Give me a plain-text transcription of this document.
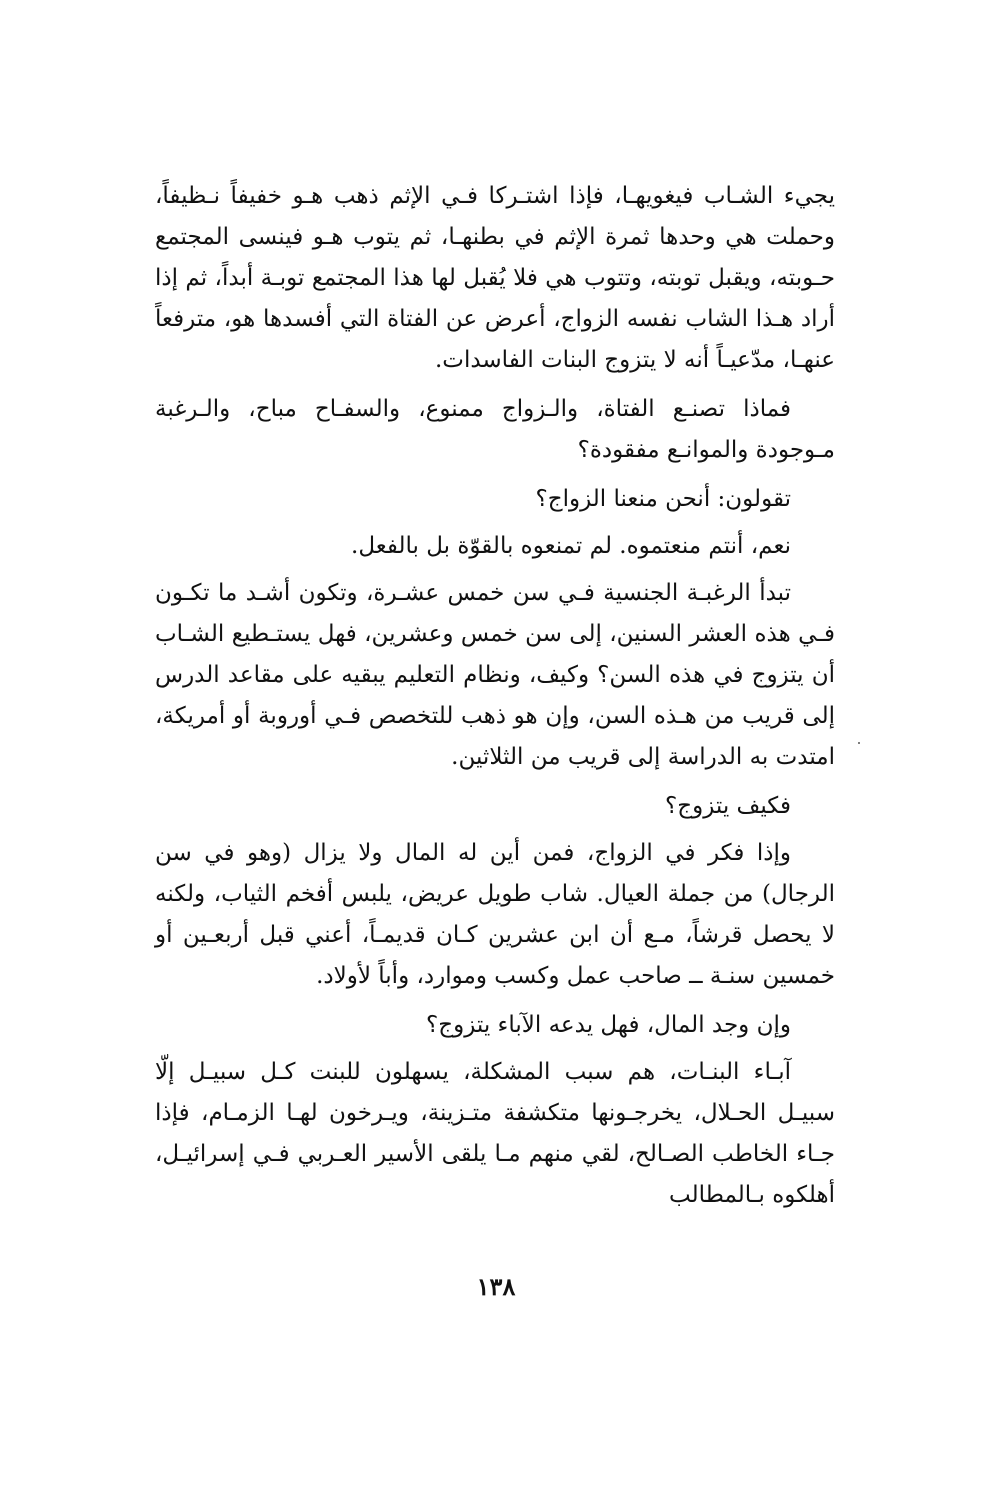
يجيء الشـاب فيغويهـا، فإذا اشتـركا فـي الإثم ذهب هـو خفيفاً نـظيفاً، وحملت هي وحدها ثمرة الإثم في بطنهـا، ثم يتوب هـو فينسى المجتمع حـوبته، ويقبل توبته، وتتوب هي فلا يُقبل لها هذا المجتمع توبـة أبداً، ثم إذا أراد هـذا الشاب نفسه الزواج، أعرض عن الفتاة التي أفسدها هو، مترفعاً عنهـا، مدّعيـاً أنه لا يتزوج البنات الفاسدات.

فماذا تصنـع الفتاة، والـزواج ممنوع، والسفـاح مباح، والـرغبة مـوجودة والموانـع مفقودة؟

تقولون: أنحن منعنا الزواج؟

نعم، أنتم منعتموه. لم تمنعوه بالقوّة بل بالفعل.

تبدأ الرغبـة الجنسية فـي سن خمس عشـرة، وتكون أشـد ما تكـون فـي هذه العشر السنين، إلى سن خمس وعشرين، فهل يستـطيع الشـاب أن يتزوج في هذه السن؟ وكيف، ونظام التعليم يبقيه على مقاعد الدرس إلى قريب من هـذه السن، وإن هو ذهب للتخصص فـي أوروبة أو أمريكة، امتدت به الدراسة إلى قريب من الثلاثين.

فكيف يتزوج؟

وإذا فكر في الزواج، فمن أين له المال ولا يزال (وهو في سن الرجال) من جملة العيال. شاب طويل عريض، يلبس أفخم الثياب، ولكنه لا يحصل قرشاً، مـع أن ابن عشرين كـان قديمـاً، أعني قبل أربعـين أو خمسين سنـة ــ صاحب عمل وكسب وموارد، وأباً لأولاد.

وإن وجد المال، فهل يدعه الآباء يتزوج؟

آبـاء البنـات، هم سبب المشكلة، يسهلون للبنت كـل سبيـل إلّا سبيـل الحـلال، يخرجـونها متكشفة متـزينة، ويـرخون لهـا الزمـام، فإذا جـاء الخاطب الصـالح، لقي منهم مـا يلقى الأسير العـربي فـي إسرائيـل، أهلكوه بـالمطالب

١٣٨
